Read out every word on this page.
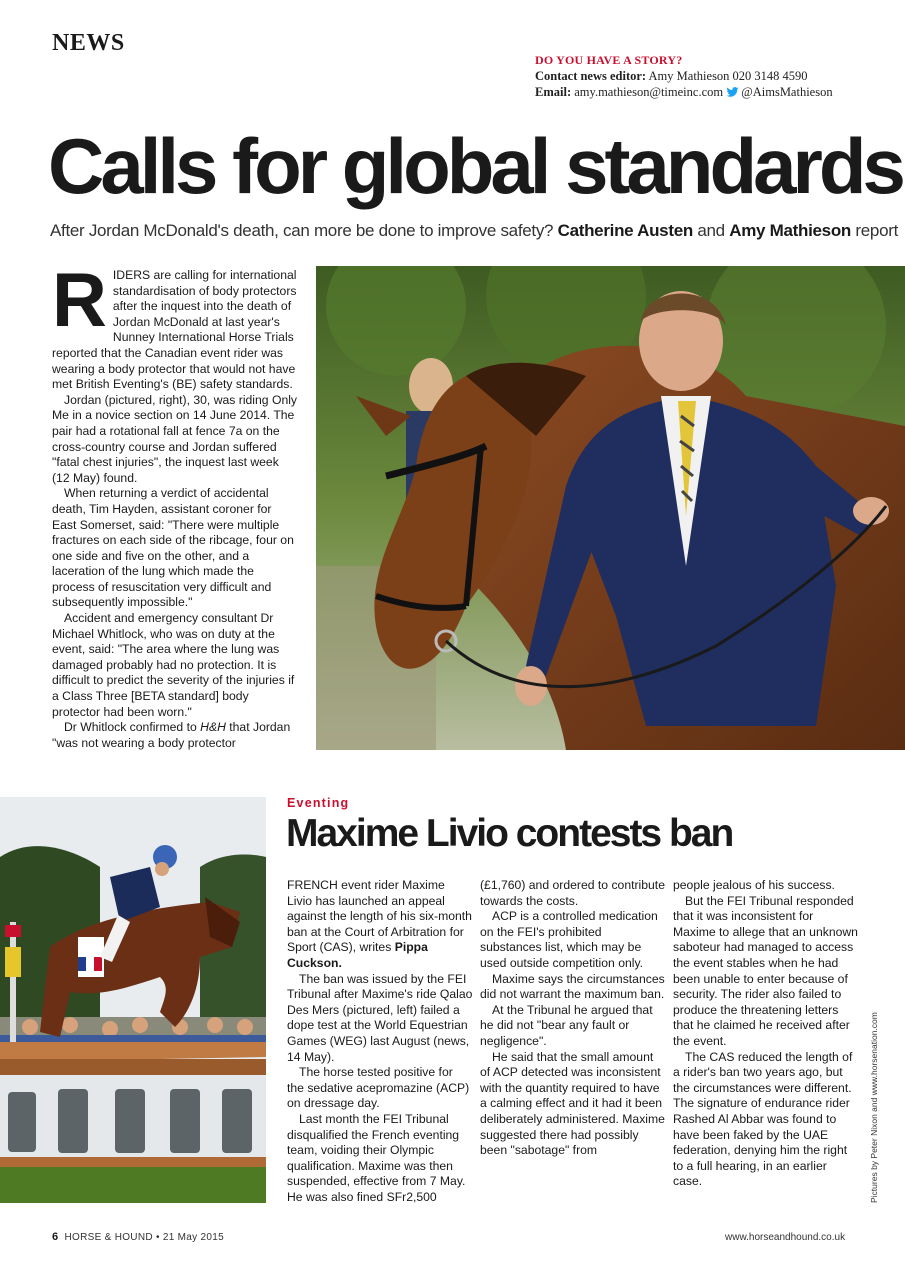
NEWS
DO YOU HAVE A STORY?
Contact news editor: Amy Mathieson 020 3148 4590
Email: amy.mathieson@timeinc.com @AimsMathieson
Calls for global standards
After Jordan McDonald's death, can more be done to improve safety? Catherine Austen and Amy Mathieson report

RIDERS are calling for international standardisation of body protectors after the inquest into the death of Jordan McDonald at last year's Nunney International Horse Trials reported that the Canadian event rider was wearing a body protector that would not have met British Eventing's (BE) safety standards.

Jordan (pictured, right), 30, was riding Only Me in a novice section on 14 June 2014. The pair had a rotational fall at fence 7a on the cross-country course and Jordan suffered "fatal chest injuries", the inquest last week (12 May) found.

When returning a verdict of accidental death, Tim Hayden, assistant coroner for East Somerset, said: "There were multiple fractures on each side of the ribcage, four on one side and five on the other, and a laceration of the lung which made the process of resuscitation very difficult and subsequently impossible."

Accident and emergency consultant Dr Michael Whitlock, who was on duty at the event, said: "The area where the lung was damaged probably had no protection. It is difficult to predict the severity of the injuries if a Class Three [BETA standard] body protector had been worn."

Dr Whitlock confirmed to H&H that Jordan "was not wearing a body protector

Eventing
Maxime Livio contests ban

FRENCH event rider Maxime Livio has launched an appeal against the length of his six-month ban at the Court of Arbitration for Sport (CAS), writes Pippa Cuckson.

The ban was issued by the FEI Tribunal after Maxime's ride Qalao Des Mers (pictured, left) failed a dope test at the World Equestrian Games (WEG) last August (news, 14 May).

The horse tested positive for the sedative acepromazine (ACP) on dressage day.

Last month the FEI Tribunal disqualified the French eventing team, voiding their Olympic qualification. Maxime was then suspended, effective from 7 May. He was also fined SFr2,500

(£1,760) and ordered to contribute towards the costs.

ACP is a controlled medication on the FEI's prohibited substances list, which may be used outside competition only.

Maxime says the circumstances did not warrant the maximum ban.

At the Tribunal he argued that he did not "bear any fault or negligence".

He said that the small amount of ACP detected was inconsistent with the quantity required to have a calming effect and it had it been deliberately administered. Maxime suggested there had possibly been "sabotage" from

people jealous of his success.

But the FEI Tribunal responded that it was inconsistent for Maxime to allege that an unknown saboteur had managed to access the event stables when he had been unable to enter because of security. The rider also failed to produce the threatening letters that he claimed he received after the event.

The CAS reduced the length of a rider's ban two years ago, but the circumstances were different. The signature of endurance rider Rashed Al Abbar was found to have been faked by the UAE federation, denying him the right to a full hearing, in an earlier case.	Pictures by Peter Nixon and www.horsenation.com
6 HORSE & HOUND • 21 May 2015	www.horseandhound.co.uk
